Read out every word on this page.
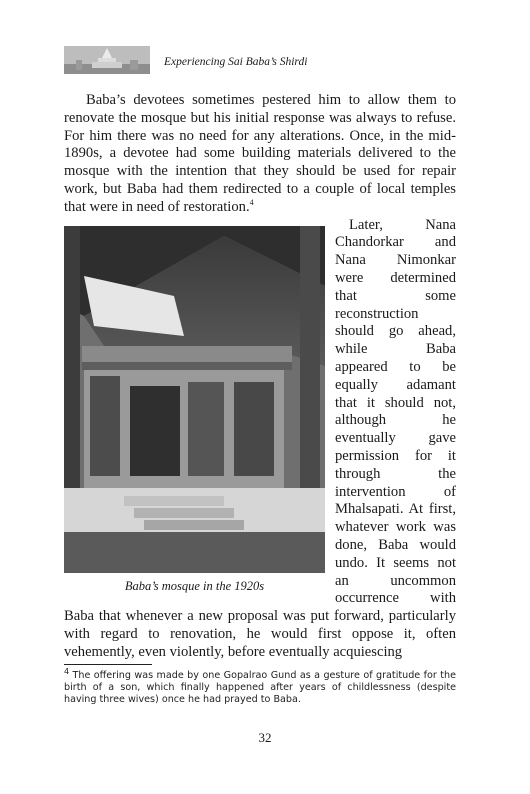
Experiencing Sai Baba’s Shirdi

Baba’s devotees sometimes pestered him to allow them to renovate the mosque but his initial response was always to refuse. For him there was no need for any alterations. Once, in the mid-1890s, a devotee had some building materials delivered to the mosque with the intention that they should be used for repair work, but Baba had them redirected to a couple of local temples that were in need of restoration.$^4$

Baba’s mosque in the 1920s

Later, Nana Chandorkar and Nana Nimonkar were determined that some reconstruction should go ahead, while Baba appeared to be equally adamant that it should not, although he eventually gave permission for it through the intervention of Mhalsapati. At first, whatever work was done, Baba would undo. It seems not an uncommon occurrence with Baba that whenever a new proposal was put forward, particularly with regard to renovation, he would first oppose it, often vehemently, even violently, before eventually acquiescing

$^4$ The offering was made by one Gopalrao Gund as a gesture of gratitude for the birth of a son, which finally happened after years of childlessness (despite having three wives) once he had prayed to Baba.
32
